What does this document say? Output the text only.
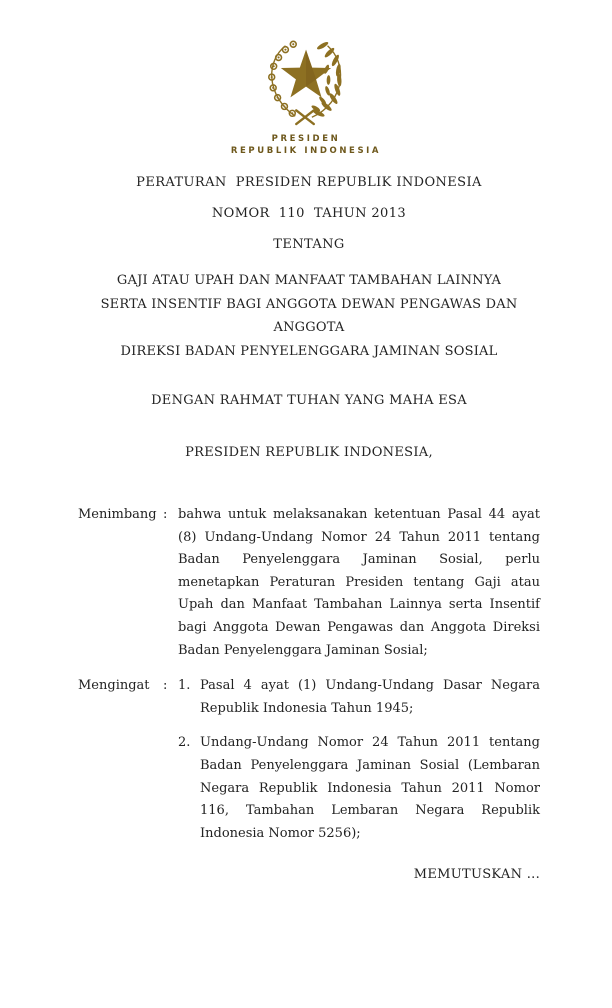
PRESIDEN
REPUBLIK INDONESIA
PERATURAN  PRESIDEN REPUBLIK INDONESIA
NOMOR  110  TAHUN 2013
TENTANG
GAJI ATAU UPAH DAN MANFAAT TAMBAHAN LAINNYA
SERTA INSENTIF BAGI ANGGOTA DEWAN PENGAWAS DAN ANGGOTA
DIREKSI BADAN PENYELENGGARA JAMINAN SOSIAL
DENGAN RAHMAT TUHAN YANG MAHA ESA
PRESIDEN REPUBLIK INDONESIA,
Menimbang : bahwa untuk melaksanakan ketentuan Pasal 44 ayat (8) Undang-Undang Nomor 24 Tahun 2011 tentang Badan Penyelenggara Jaminan Sosial, perlu menetapkan Peraturan Presiden tentang Gaji atau Upah dan Manfaat Tambahan Lainnya serta Insentif bagi Anggota Dewan Pengawas dan Anggota Direksi Badan Penyelenggara Jaminan Sosial;
Mengingat	: 1. Pasal 4 ayat (1) Undang-Undang Dasar Negara Republik Indonesia Tahun 1945;
2. Undang-Undang Nomor 24 Tahun 2011 tentang Badan Penyelenggara Jaminan Sosial (Lembaran Negara Republik Indonesia Tahun 2011 Nomor 116, Tambahan Lembaran Negara Republik Indonesia Nomor 5256);
MEMUTUSKAN ...
